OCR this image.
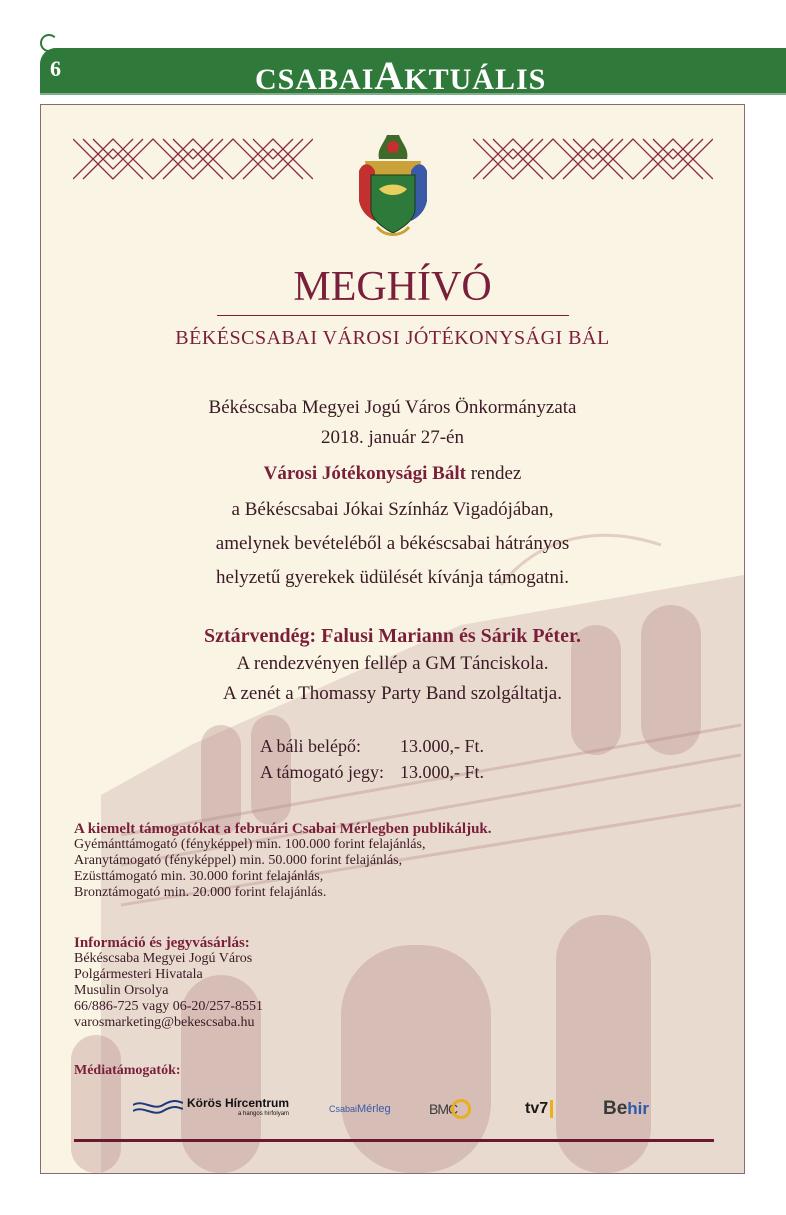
6	CSABAIAKTUÁLIS
MEGHÍVÓ
BÉKÉSCSABAI VÁROSI JÓTÉKONYSÁGI BÁL
Békéscsaba Megyei Jogú Város Önkormányzata
2018. január 27-én
Városi Jótékonysági Bált rendez
a Békéscsabai Jókai Színház Vigadójában,
amelynek bevételéből a békéscsabai hátrányos
helyzetű gyerekek üdülését kívánja támogatni.
Sztárvendég: Falusi Mariann és Sárik Péter.
A rendezvényen fellép a GM Tánciskola.
A zenét a Thomassy Party Band szolgáltatja.
A báli belépő: 13.000,- Ft.
A támogató jegy: 13.000,- Ft.
A kiemelt támogatókat a februári Csabai Mérlegben publikáljuk.
Gyémánttámogató (fényképpel) min. 100.000 forint felajánlás,
Aranytámogató (fényképpel) min. 50.000 forint felajánlás,
Ezüsttámogató min. 30.000 forint felajánlás,
Bronztámogató min. 20.000 forint felajánlás.
Információ és jegyvásárlás:
Békéscsaba Megyei Jogú Város
Polgármesteri Hivatala
Musulin Orsolya
66/886-725 vagy 06-20/257-8551
varosmarketing@bekescsaba.hu
Médiatámogatók:
Körös Hírcentrum
a hangos hírfolyam	Csabai Mérleg	BMC	tv7	Be hir
